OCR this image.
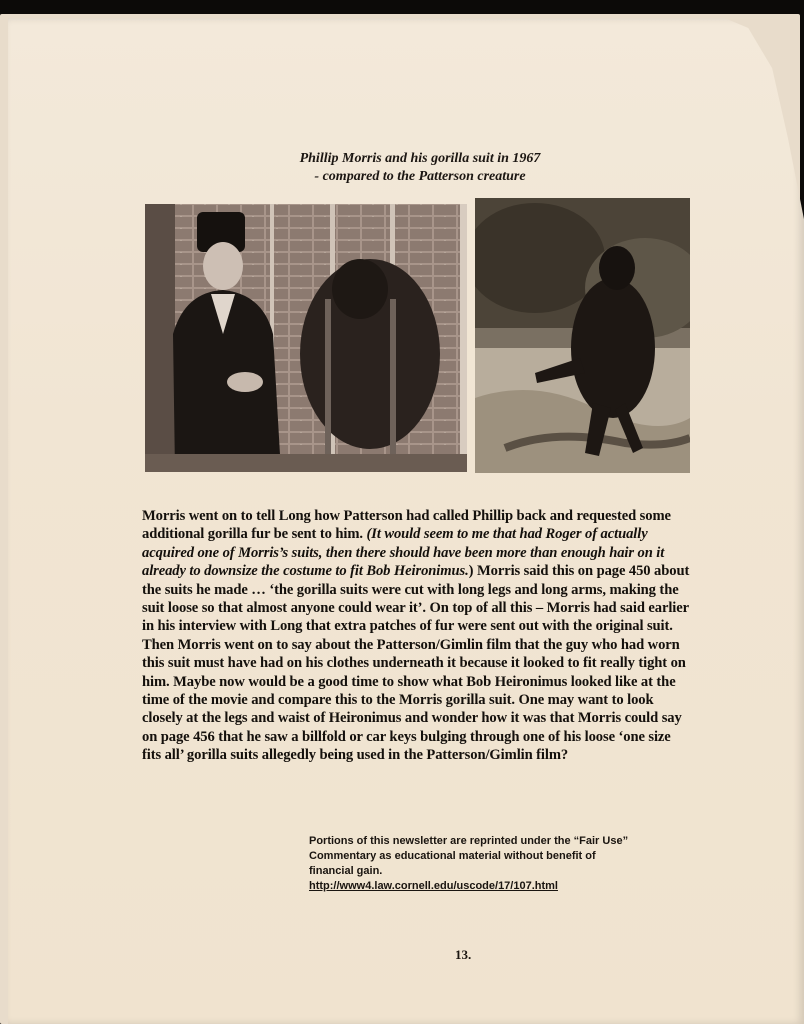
Phillip Morris and his gorilla suit in 1967
- compared to the Patterson creature
Morris went on to tell Long how Patterson had called Phillip back and requested some additional gorilla fur be sent to him. (It would seem to me that had Roger of actually acquired one of Morris’s suits, then there should have been more than enough hair on it already to downsize the costume to fit Bob Heironimus.) Morris said this on page 450 about the suits he made … ‘the gorilla suits were cut with long legs and long arms, making the suit loose so that almost anyone could wear it’. On top of all this – Morris had said earlier in his interview with Long that extra patches of fur were sent out with the original suit. Then Morris went on to say about the Patterson/Gimlin film that the guy who had worn this suit must have had on his clothes underneath it because it looked to fit really tight on him. Maybe now would be a good time to show what Bob Heironimus looked like at the time of the movie and compare this to the Morris gorilla suit. One may want to look closely at the legs and waist of Heironimus and wonder how it was that Morris could say on page 456 that he saw a billfold or car keys bulging through one of his loose ‘one size fits all’ gorilla suits allegedly being used in the Patterson/Gimlin film?
Portions of this newsletter are reprinted under the “Fair Use” Commentary as educational material without benefit of financial gain.
http://www4.law.cornell.edu/uscode/17/107.html
13.
